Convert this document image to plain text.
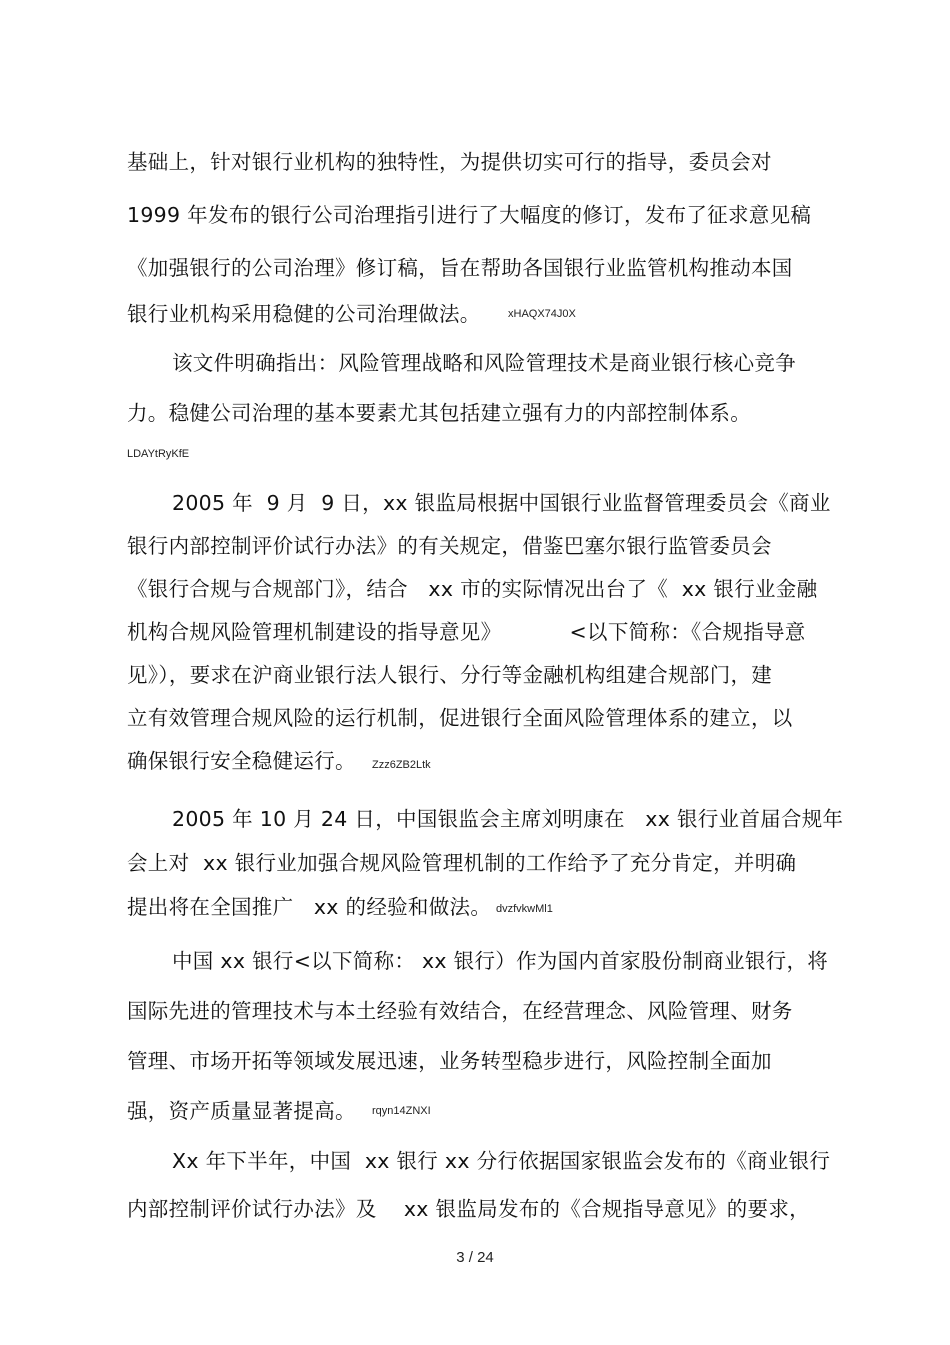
基础上，针对银行业机构的独特性，为提供切实可行的指导，委员会对
1999 年发布的银行公司治理指引进行了大幅度的修订，发布了征求意见稿
《加强银行的公司治理》修订稿，旨在帮助各国银行业监管机构推动本国
银行业机构采用稳健的公司治理做法。 xHAQX74J0X
该文件明确指出：风险管理战略和风险管理技术是商业银行核心竞争
力。稳健公司治理的基本要素尤其包括建立强有力的内部控制体系。
LDAYtRyKfE
2005 年  9 月  9 日，xx 银监局根据中国银行业监督管理委员会《商业
银行内部控制评价试行办法》的有关规定，借鉴巴塞尔银行监管委员会
《银行合规与合规部门》，结合   xx 市的实际情况出台了《  xx 银行业金融
机构合规风险管理机制建设的指导意见》          <以下简称：《合规指导意
见》），要求在沪商业银行法人银行、分行等金融机构组建合规部门，建
立有效管理合规风险的运行机制，促进银行全面风险管理体系的建立，以
确保银行安全稳健运行。 Zzz6ZB2Ltk
2005 年 10 月 24 日，中国银监会主席刘明康在   xx 银行业首届合规年
会上对  xx 银行业加强合规风险管理机制的工作给予了充分肯定，并明确
提出将在全国推广   xx 的经验和做法。 dvzfvkwMl1
中国 xx 银行<以下简称： xx 银行）作为国内首家股份制商业银行，将
国际先进的管理技术与本土经验有效结合，在经营理念、风险管理、财务
管理、市场开拓等领域发展迅速，业务转型稳步进行，风险控制全面加
强，资产质量显著提高。 rqyn14ZNXI
Xx 年下半年，中国  xx 银行 xx 分行依据国家银监会发布的《商业银行
内部控制评价试行办法》及    xx 银监局发布的《合规指导意见》的要求，
3 / 24
